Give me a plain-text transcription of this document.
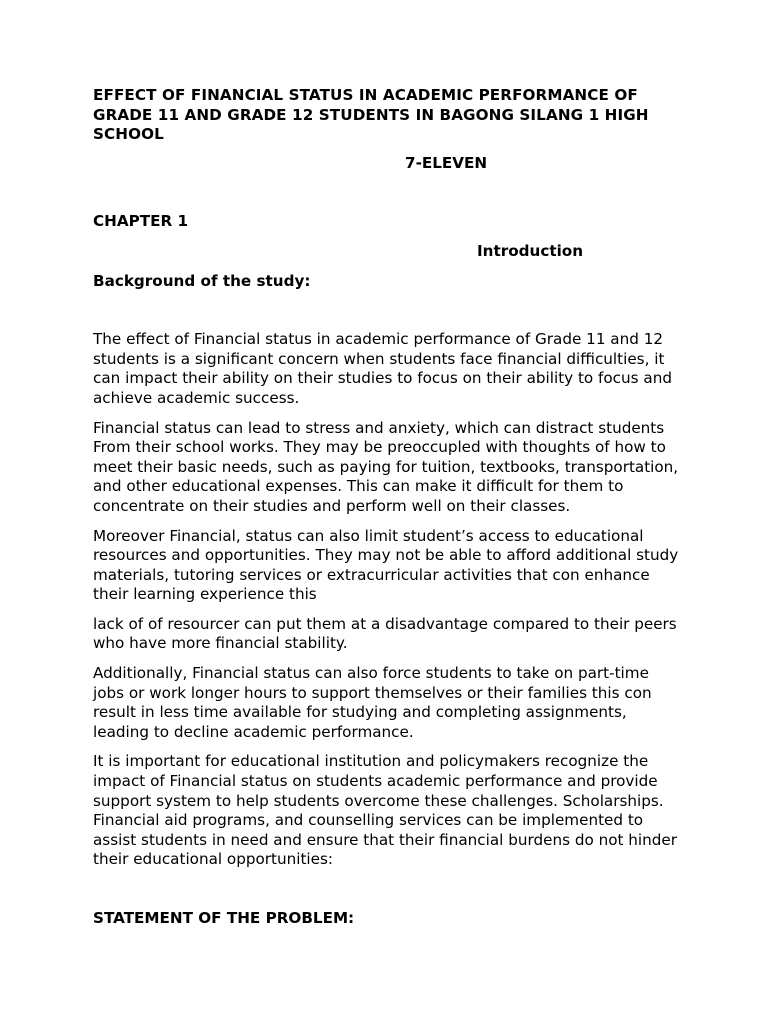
EFFECT OF FINANCIAL STATUS IN ACADEMIC PERFORMANCE OF GRADE 11 AND GRADE 12 STUDENTS IN BAGONG SILANG 1 HIGH SCHOOL

7-ELEVEN

CHAPTER 1

Introduction

Background of the study:

The effect of Financial status in academic performance of Grade 11 and 12 students is a significant concern when students face financial difficulties, it can impact their ability on their studies to focus on their ability to focus and achieve academic success.

Financial status can lead to stress and anxiety, which can distract students From their school works. They may be preoccupled with thoughts of how to meet their basic needs, such as paying for tuition, textbooks, transportation, and other educational expenses. This can make it difficult for them to concentrate on their studies and perform well on their classes.

Moreover Financial, status can also limit student’s access to educational resources and opportunities. They may not be able to afford additional study materials, tutoring services or extracurricular activities that con enhance their learning experience this

lack of of resourcer can put them at a disadvantage compared to their peers who have more financial stability.

Additionally, Financial status can also force students to take on part-time jobs or work longer hours to support themselves or their families this con result in less time available for studying and completing assignments, leading to decline academic performance.

It is important for educational institution and policymakers recognize the impact of Financial status on students academic performance and provide support system to help students overcome these challenges. Scholarships. Financial aid programs, and counselling services can be implemented to assist students in need and ensure that their financial burdens do not hinder their educational opportunities:

STATEMENT OF THE PROBLEM:
